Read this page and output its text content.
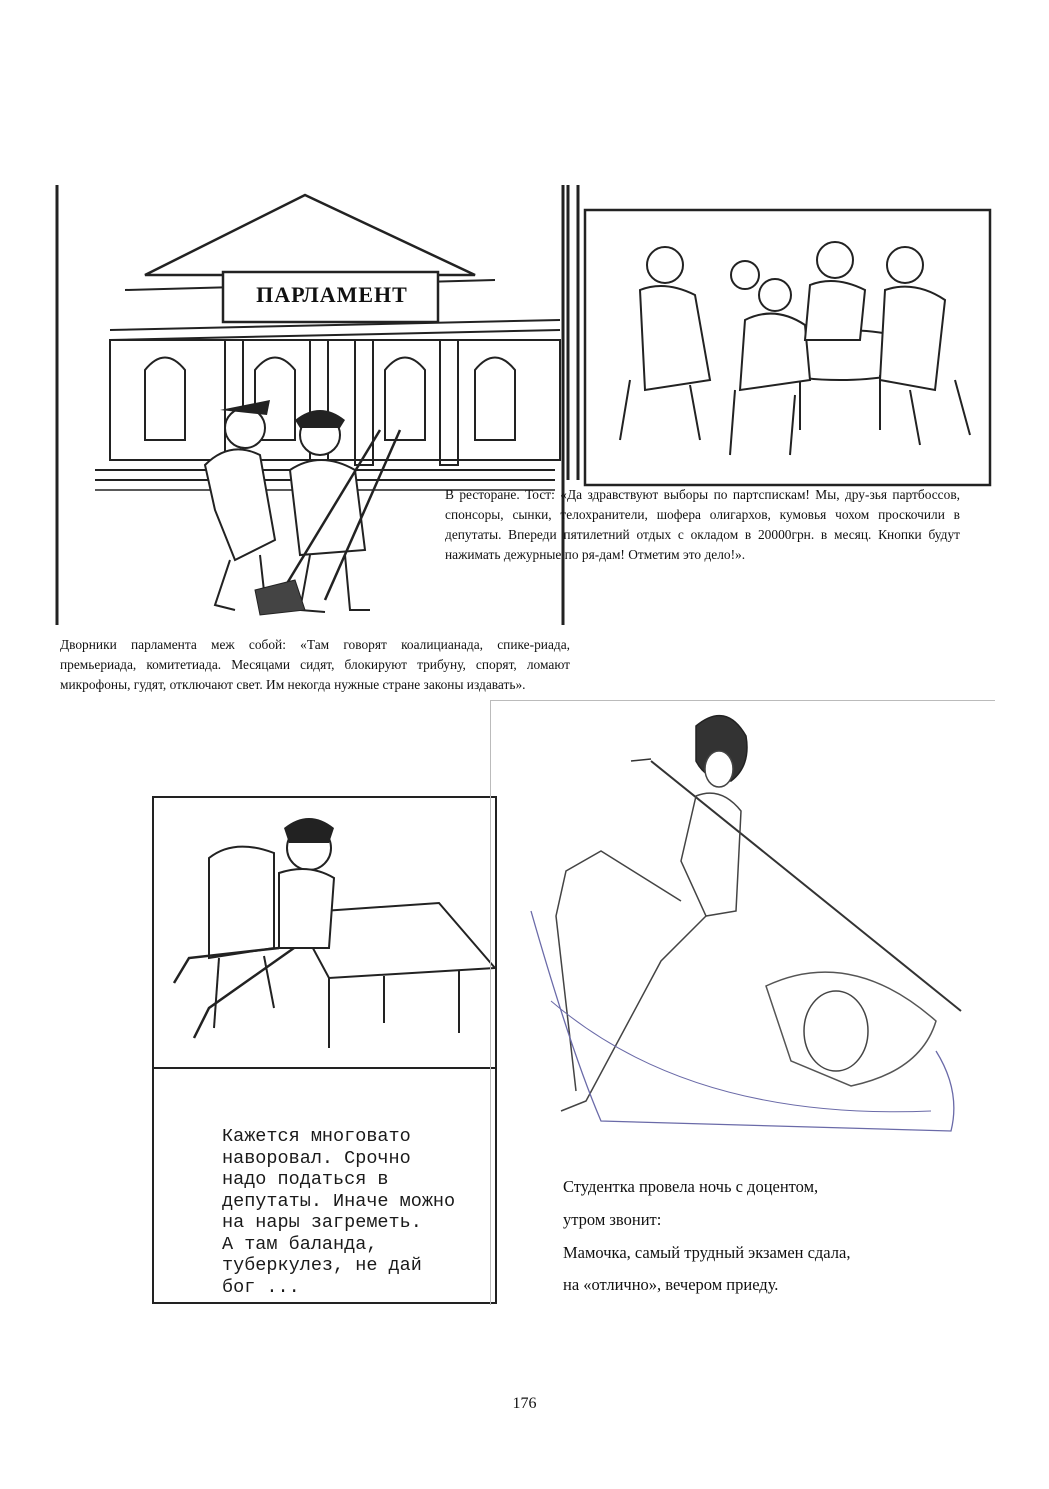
ПАРЛАМЕНТ
Дворники парламента меж собой: «Там говорят коалицианада, спике-риада, премьериада, комитетиада. Месяцами сидят, блокируют трибуну, спорят, ломают микрофоны, гудят, отключают свет. Им некогда нужные стране законы издавать».
В ресторане. Тост: «Да здравствуют выборы по партспискам! Мы, дру-зья партбоссов, спонсоры, сынки, телохранители, шофера олигархов, кумовья чохом проскочили в депутаты. Впереди пятилетний отдых с окладом в 20000грн. в месяц. Кнопки будут нажимать дежурные по ря-дам! Отметим это дело!».
Кажется многовато
наворовал. Срочно
надо податься в
депутаты. Иначе можно
на нары загреметь.
А там баланда,
туберкулез, не дай
бог ...
Студентка провела ночь с доцентом,
утром звонит:
Мамочка, самый трудный экзамен сдала,
на «отлично», вечером приеду.
176
